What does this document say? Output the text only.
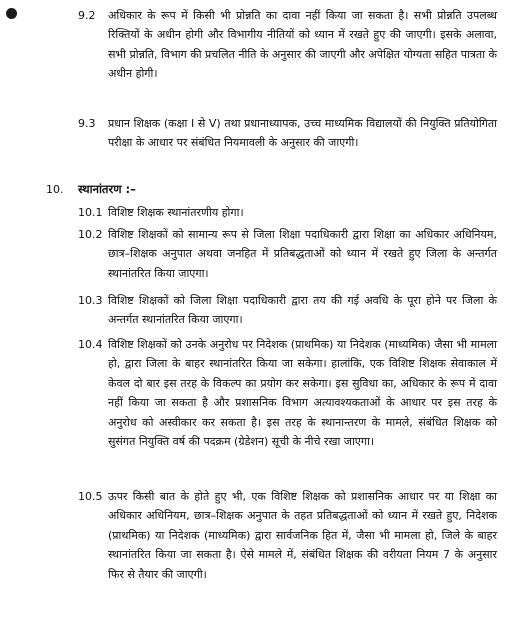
9.2 अधिकार के रूप में किसी भी प्रोन्नति का दावा नहीं किया जा सकता है। सभी प्रोन्नति उपलब्ध रिक्तियों के अधीन होगी और विभागीय नीतियों को ध्यान में रखते हुए की जाएगी। इसके अलावा, सभी प्रोन्नति, विभाग की प्रचलित नीति के अनुसार की जाएगी और अपेक्षित योग्यता सहित पात्रता के अधीन होगी।
9.3 प्रधान शिक्षक (कक्षा I से V) तथा प्रधानाध्यापक, उच्च माध्यमिक विद्यालयों की नियुक्ति प्रतियोगिता परीक्षा के आधार पर संबंधित नियमावली के अनुसार की जाएगी।
10. स्थानांतरण :–
10.1 विशिष्ट शिक्षक स्थानांतरणीय होगा।
10.2 विशिष्ट शिक्षकों को सामान्य रूप से जिला शिक्षा पदाधिकारी द्वारा शिक्षा का अधिकार अधिनियम, छात्र–शिक्षक अनुपात अथवा जनहित में प्रतिबद्धताओं को ध्यान में रखते हुए जिला के अन्तर्गत स्थानांतरित किया जाएगा।
10.3 विशिष्ट शिक्षकों को जिला शिक्षा पदाधिकारी द्वारा तय की गई अवधि के पूरा होने पर जिला के अन्तर्गत स्थानांतरित किया जाएगा।
10.4 विशिष्ट शिक्षकों को उनके अनुरोध पर निदेशक (प्राथमिक) या निदेशक (माध्यमिक) जैसा भी मामला हो, द्वारा जिला के बाहर स्थानांतरित किया जा सकेगा। हालांकि, एक विशिष्ट शिक्षक सेवाकाल में केवल दो बार इस तरह के विकल्प का प्रयोग कर सकेगा। इस सुविधा का, अधिकार के रूप में दावा नहीं किया जा सकता है और प्रशासनिक विभाग अत्यावश्यकताओं के आधार पर इस तरह के अनुरोध को अस्वीकार कर सकता है। इस तरह के स्थानान्तरण के मामले, संबंधित शिक्षक को सुसंगत नियुक्ति वर्ष की पदक्रम (ग्रेडेशन) सूची के नीचे रखा जाएगा।
10.5 ऊपर किसी बात के होते हुए भी, एक विशिष्ट शिक्षक को प्रशासनिक आधार पर या शिक्षा का अधिकार अधिनियम, छात्र–शिक्षक अनुपात के तहत प्रतिबद्धताओं को ध्यान में रखते हुए, निदेशक (प्राथमिक) या निदेशक (माध्यमिक) द्वारा सार्वजनिक हित में, जैसा भी मामला हो, जिले के बाहर स्थानांतरित किया जा सकता है। ऐसे मामले में, संबंधित शिक्षक की वरीयता नियम 7 के अनुसार फिर से तैयार की जाएगी।
